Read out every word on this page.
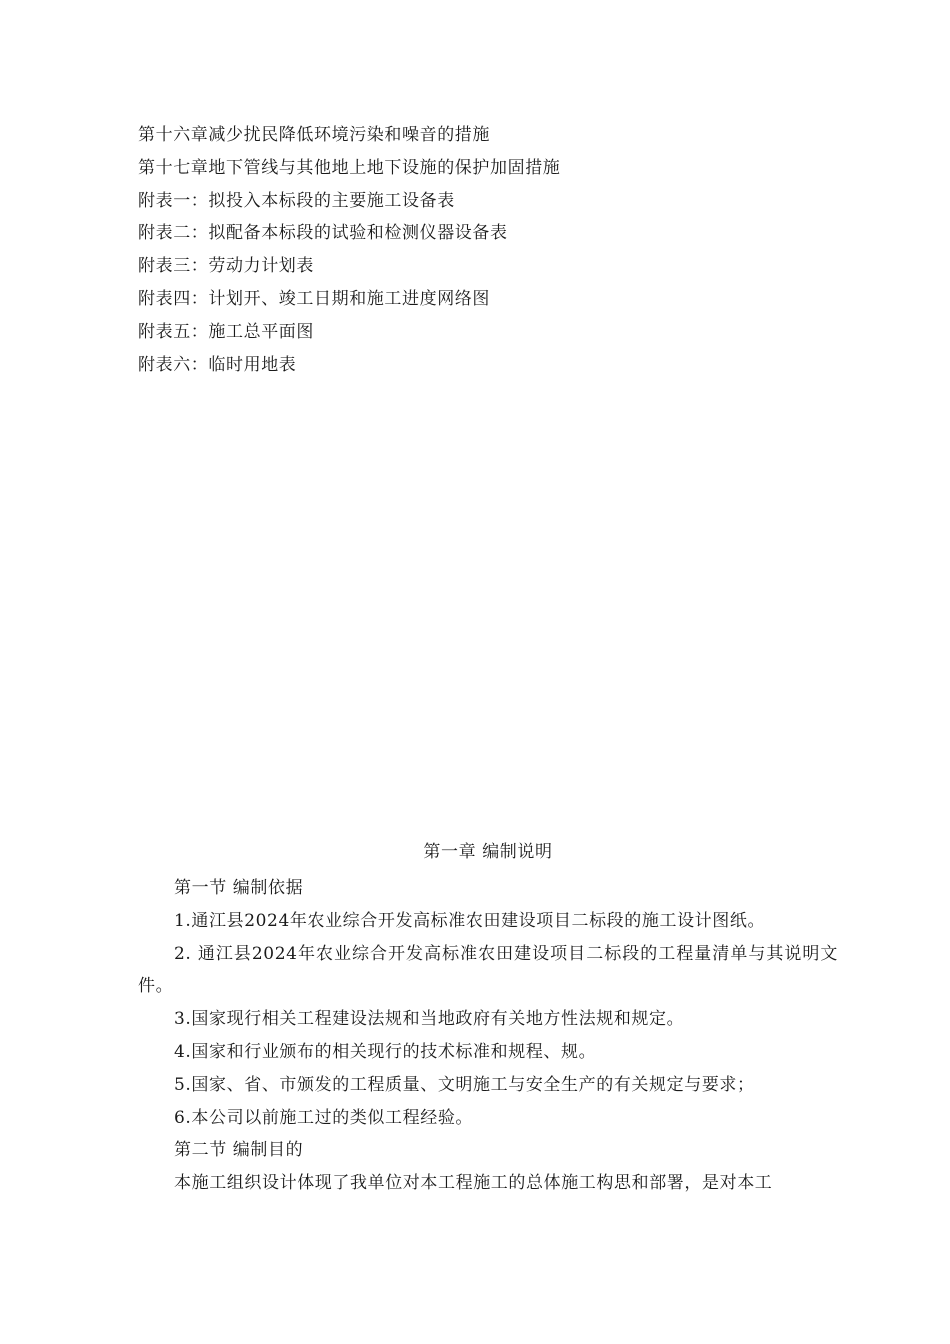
第十六章减少扰民降低环境污染和噪音的措施
第十七章地下管线与其他地上地下设施的保护加固措施
附表一：拟投入本标段的主要施工设备表
附表二：拟配备本标段的试验和检测仪器设备表
附表三：劳动力计划表
附表四：计划开、竣工日期和施工进度网络图
附表五：施工总平面图
附表六：临时用地表
第一章 编制说明
第一节 编制依据

1.通江县2024年农业综合开发高标准农田建设项目二标段的施工设计图纸。

2. 通江县2024年农业综合开发高标准农田建设项目二标段的工程量清单与其说明文件。

3.国家现行相关工程建设法规和当地政府有关地方性法规和规定。

4.国家和行业颁布的相关现行的技术标准和规程、规。

5.国家、省、市颁发的工程质量、文明施工与安全生产的有关规定与要求；

6.本公司以前施工过的类似工程经验。

第二节 编制目的

本施工组织设计体现了我单位对本工程施工的总体施工构思和部署，是对本工
